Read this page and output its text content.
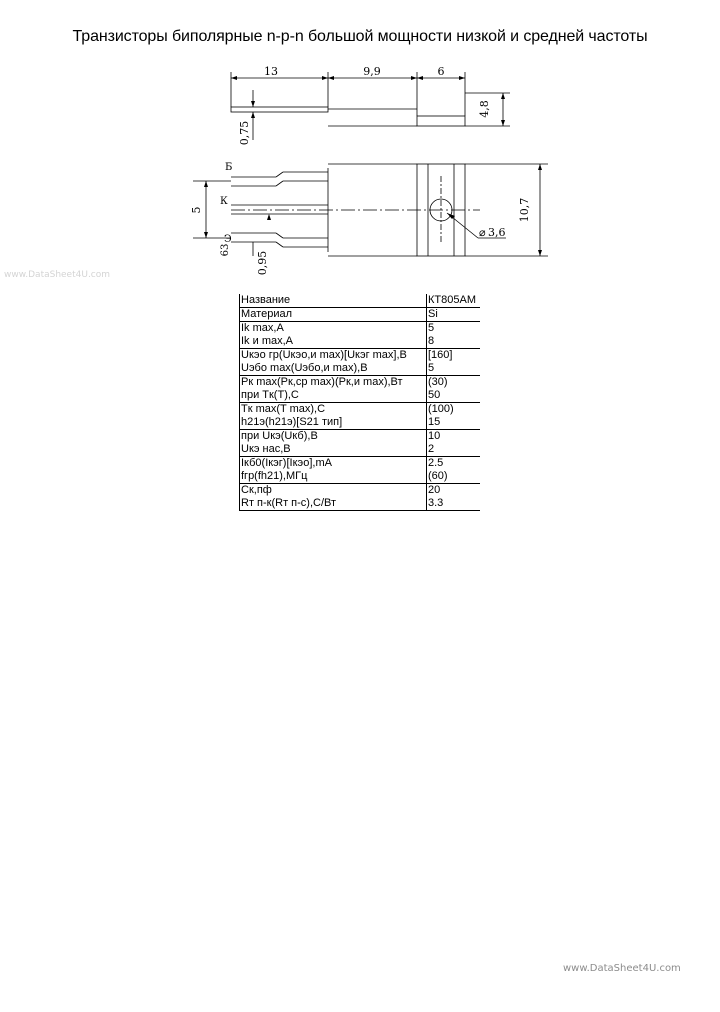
Транзисторы биполярные n-p-n большой мощности низкой и средней частоты
13	9,9	6
4,8
0,75
5	10,7
⌀ 3,6
0,95
63
Б
К
Э
www.DataSheet4U.com
Название	КТ805АМ
Материал	Si
Ik max,A	5
Ik и max,A	8
Uкэо гр(Uкэо,и max)[Uкэг max],В	[160]
Uэбо max(Uэбо,и max),B	5
Pк max(Pк,ср max)(Pк,и max),Вт	(30)
при Tк(T),C	50
Tк max(T max),C	(100)
h21э(h21э)[S21 тип]	15
при Uкэ(Uкб),В	10
Uкэ нас,В	2
Iкб0(Iкэг)[Iкэо],mA	2.5
fгр(fh21),МГц	(60)
Ск,пф	20
Rт п-к(Rт п-с),С/Вт	3.3
www.DataSheet4U.com
